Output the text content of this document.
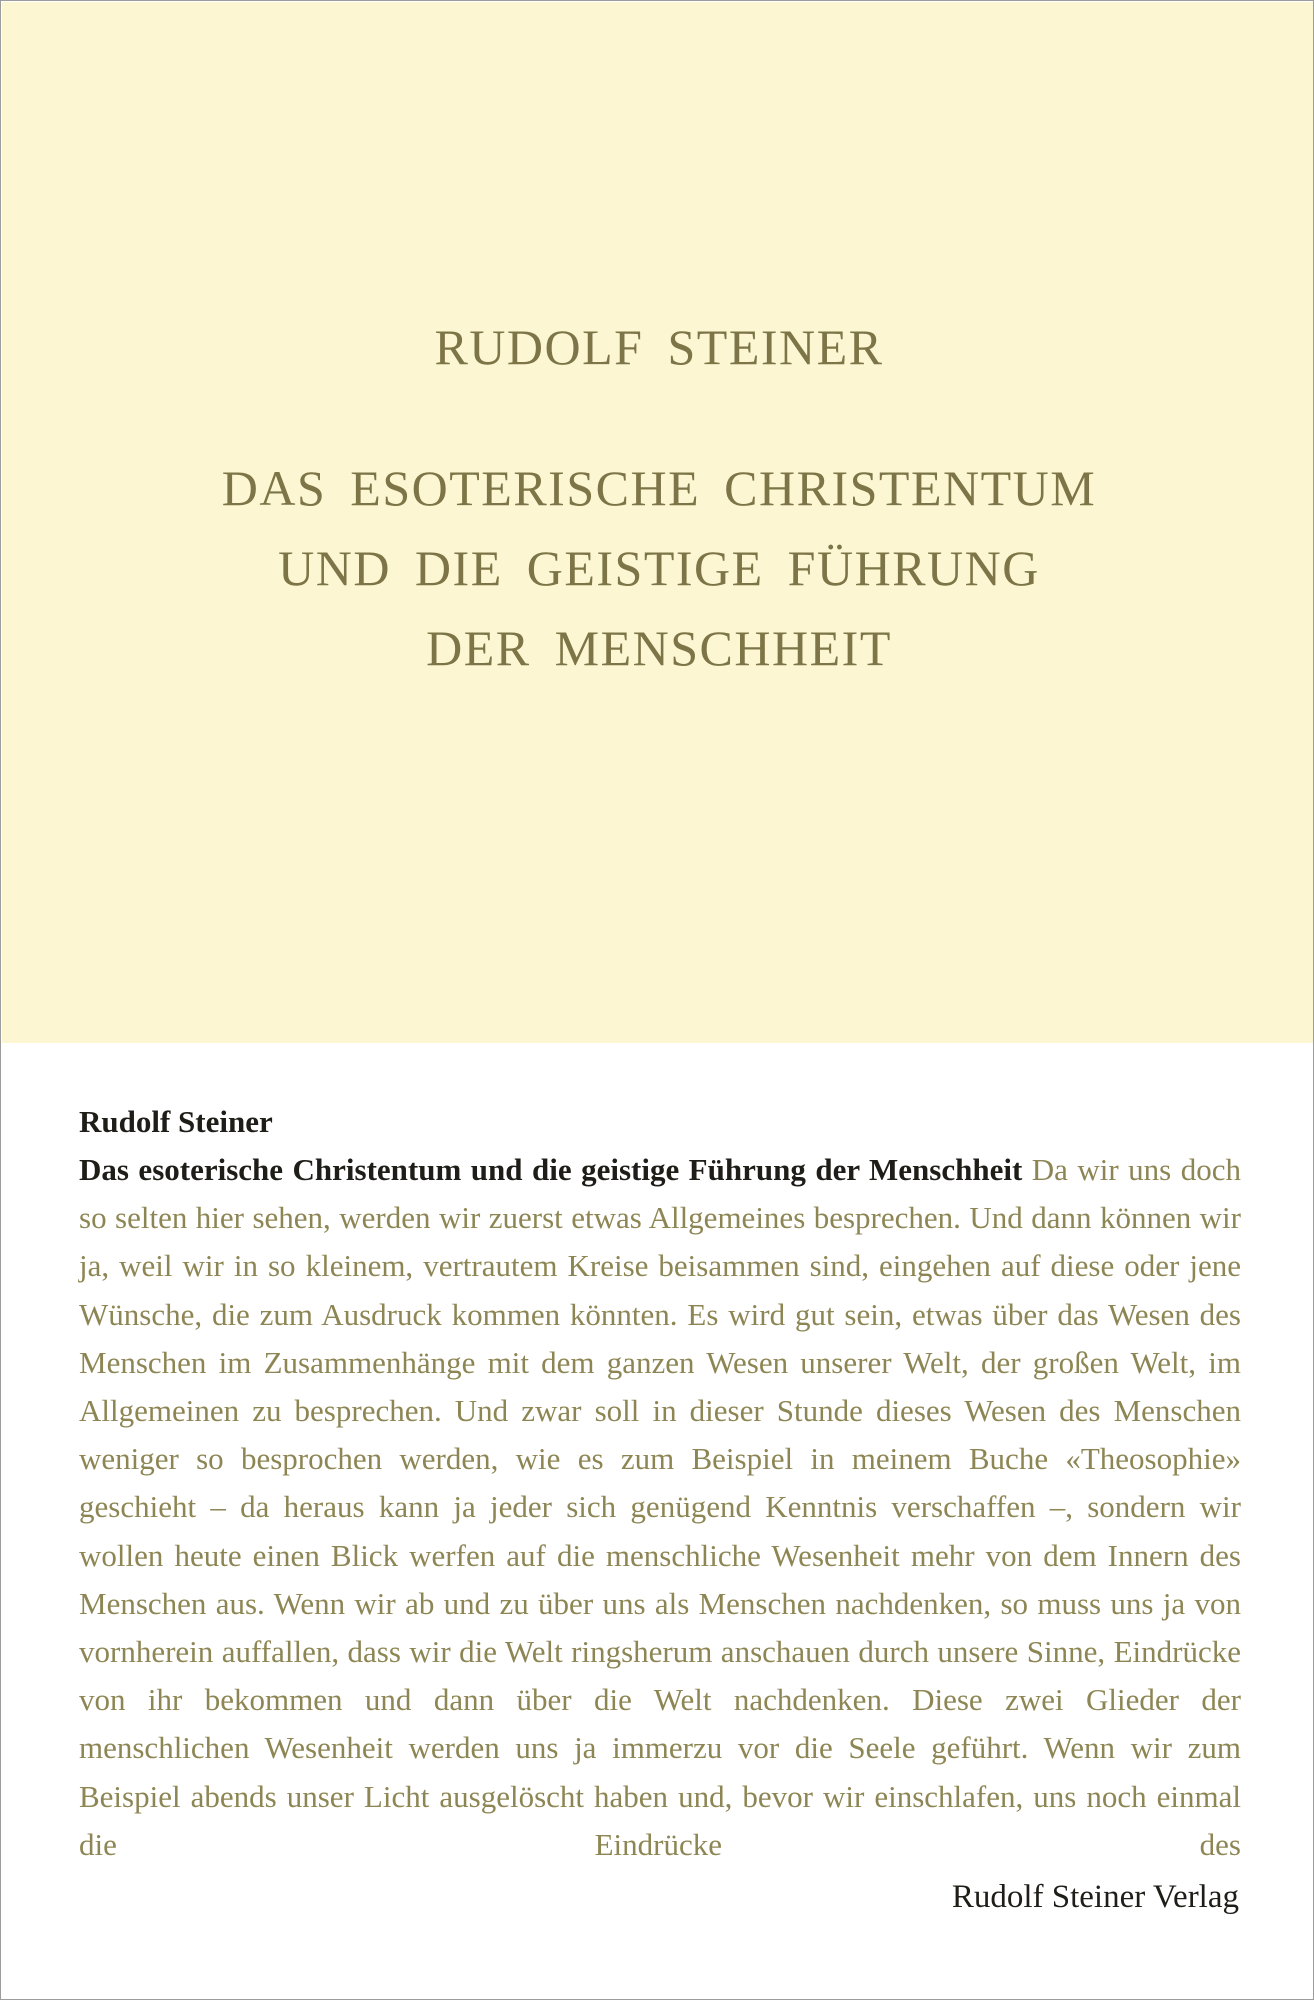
RUDOLF STEINER
DAS ESOTERISCHE CHRISTENTUM
UND DIE GEISTIGE FÜHRUNG
DER MENSCHHEIT
Rudolf Steiner

Das esoterische Christentum und die geistige Führung der Menschheit Da wir uns doch so selten hier sehen, werden wir zuerst etwas Allgemeines besprechen. Und dann können wir ja, weil wir in so kleinem, vertrautem Kreise beisammen sind, eingehen auf diese oder jene Wünsche, die zum Ausdruck kommen könnten. Es wird gut sein, etwas über das Wesen des Menschen im Zusammenhänge mit dem ganzen Wesen unserer Welt, der großen Welt, im Allgemeinen zu besprechen. Und zwar soll in dieser Stunde dieses Wesen des Menschen weniger so besprochen werden, wie es zum Beispiel in meinem Buche «Theosophie» geschieht – da heraus kann ja jeder sich genügend Kenntnis verschaffen –, sondern wir wollen heute einen Blick werfen auf die menschliche Wesenheit mehr von dem Innern des Menschen aus. Wenn wir ab und zu über uns als Menschen nachdenken, so muss uns ja von vornherein auffallen, dass wir die Welt ringsherum anschauen durch unsere Sinne, Eindrücke von ihr bekommen und dann über die Welt nachdenken. Diese zwei Glieder der menschlichen Wesenheit werden uns ja immerzu vor die Seele geführt. Wenn wir zum Beispiel abends unser Licht ausgelöscht haben und, bevor wir einschlafen, uns noch einmal die Eindrücke des

Rudolf Steiner Verlag
